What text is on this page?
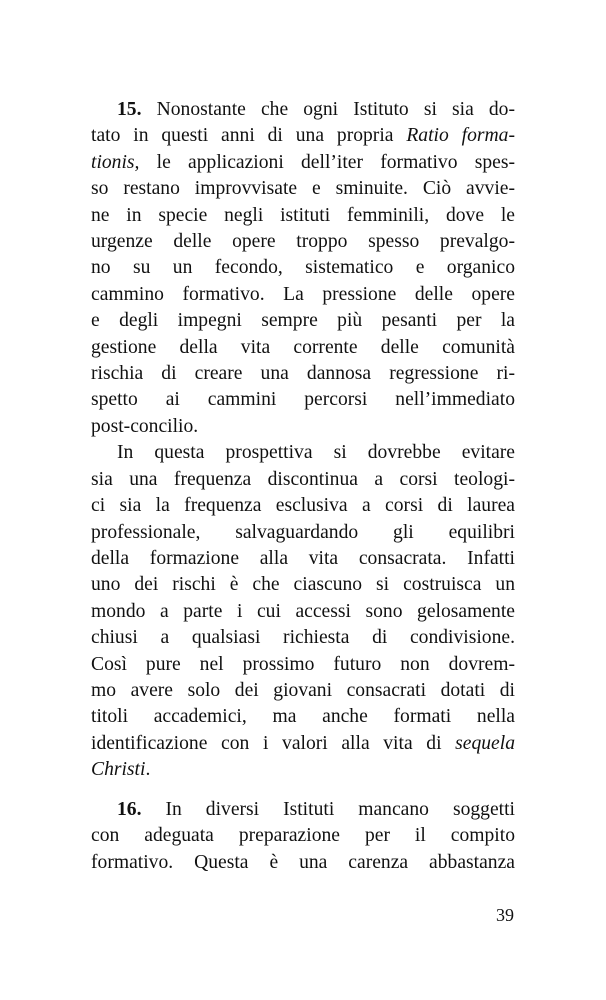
15. Nonostante che ogni Istituto si sia do-
tato in questi anni di una propria Ratio forma-
tionis, le applicazioni dell’iter formativo spes-
so restano improvvisate e sminuite. Ciò avvie-
ne in specie negli istituti femminili, dove le
urgenze delle opere troppo spesso prevalgo-
no su un fecondo, sistematico e organico
cammino formativo. La pressione delle opere
e degli impegni sempre più pesanti per la
gestione della vita corrente delle comunità
rischia di creare una dannosa regressione ri-
spetto ai cammini percorsi nell’immediato
post-concilio.
In questa prospettiva si dovrebbe evitare
sia una frequenza discontinua a corsi teologi-
ci sia la frequenza esclusiva a corsi di laurea
professionale, salvaguardando gli equilibri
della formazione alla vita consacrata. Infatti
uno dei rischi è che ciascuno si costruisca un
mondo a parte i cui accessi sono gelosamente
chiusi a qualsiasi richiesta di condivisione.
Così pure nel prossimo futuro non dovrem-
mo avere solo dei giovani consacrati dotati di
titoli accademici, ma anche formati nella
identificazione con i valori alla vita di sequela
Christi.
16. In diversi Istituti mancano soggetti
con adeguata preparazione per il compito
formativo. Questa è una carenza abbastanza
39
